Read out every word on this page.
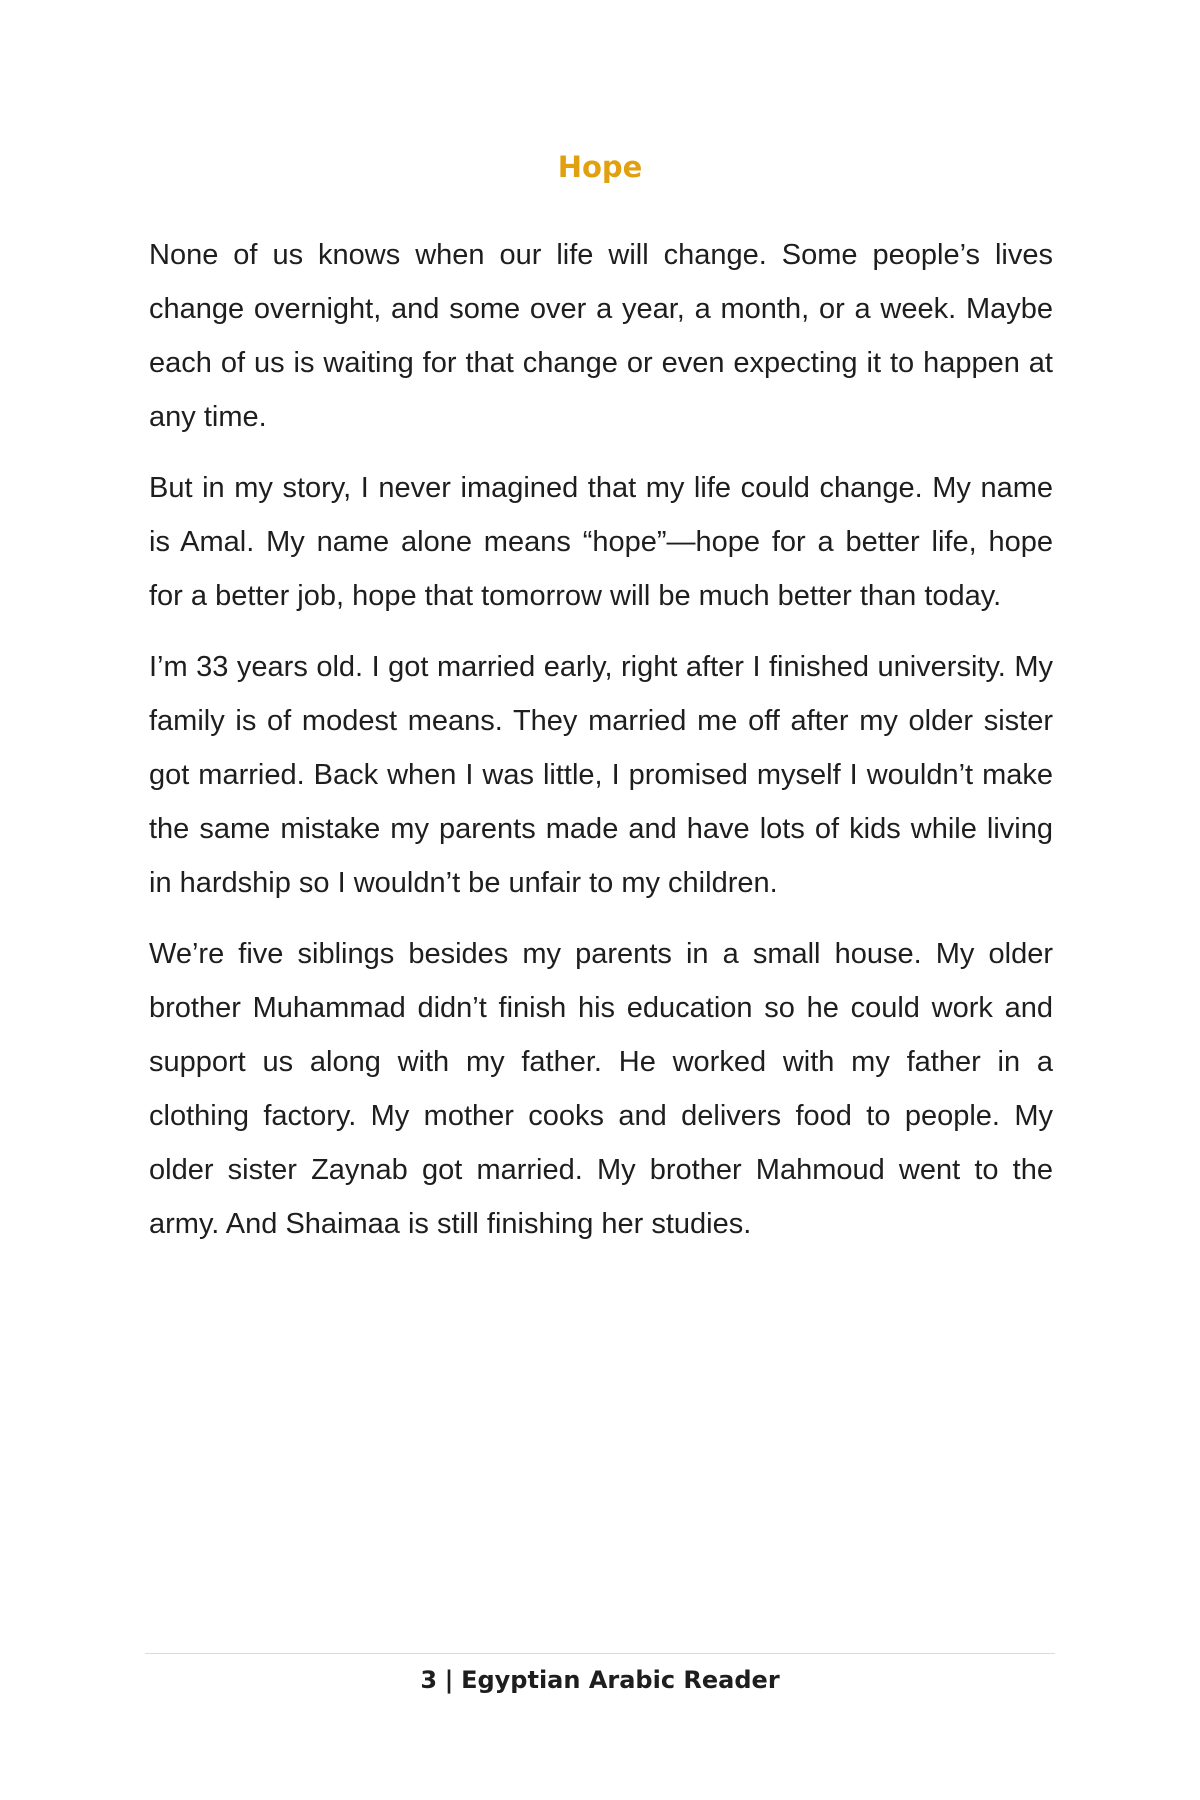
Hope

None of us knows when our life will change. Some people’s lives change overnight, and some over a year, a month, or a week. Maybe each of us is waiting for that change or even expecting it to happen at any time.

But in my story, I never imagined that my life could change. My name is Amal. My name alone means “hope”—hope for a better life, hope for a better job, hope that tomorrow will be much better than today.

I’m 33 years old. I got married early, right after I finished university. My family is of modest means. They married me off after my older sister got married. Back when I was little, I promised myself I wouldn’t make the same mistake my parents made and have lots of kids while living in hardship so I wouldn’t be unfair to my children.

We’re five siblings besides my parents in a small house. My older brother Muhammad didn’t finish his education so he could work and support us along with my father. He worked with my father in a clothing factory. My mother cooks and delivers food to people. My older sister Zaynab got married. My brother Mahmoud went to the army. And Shaimaa is still finishing her studies.

3 | Egyptian Arabic Reader
